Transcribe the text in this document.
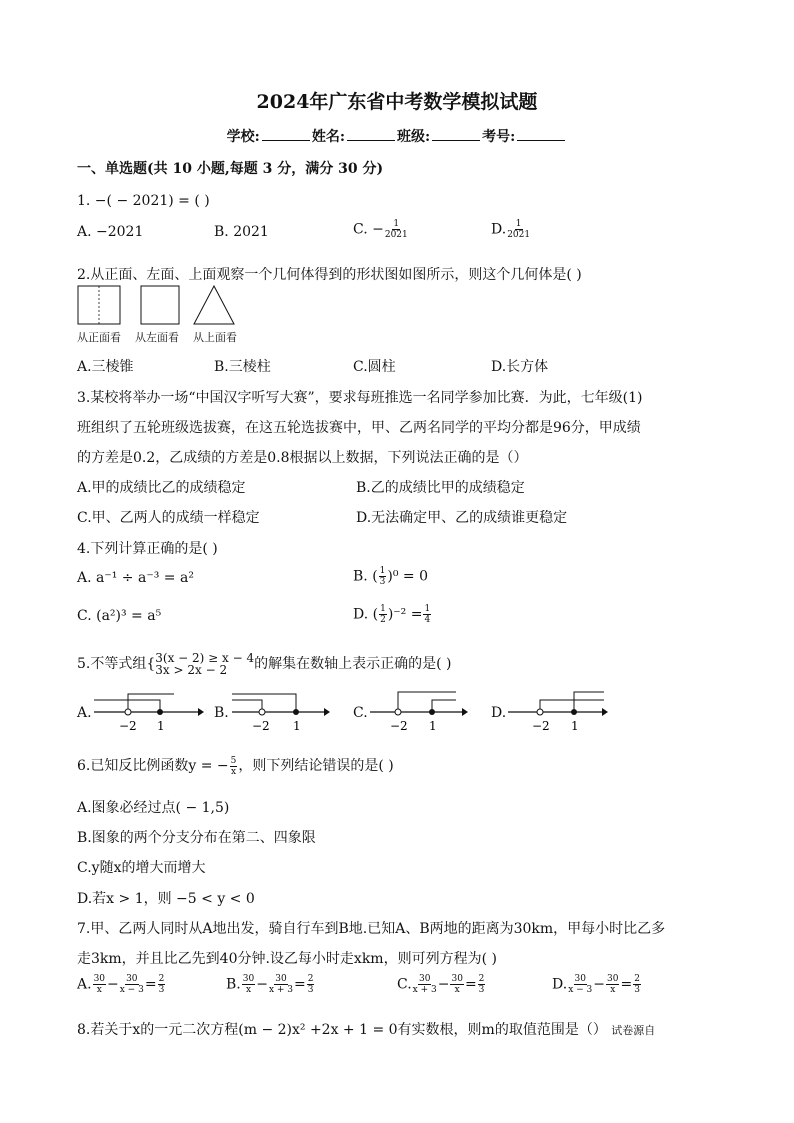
2024年广东省中考数学模拟试题
学校:	姓名:	班级:	考号:
一、单选题(共 10 小题,每题 3 分，满分 30 分)
1. −( − 2021) = ( )
A. −2021	B. 2021	C. − $\frac{1}{2021}$	D. $\frac{1}{2021}$
2.从正面、左面、上面观察一个几何体得到的形状图如图所示，则这个几何体是( )
从正面看 从左面看 从上面看
A.三棱锥	B.三棱柱	C.圆柱	D.长方体
3.某校将举办一场“中国汉字听写大赛”，要求每班推选一名同学参加比赛．为此，七年级(1)
班组织了五轮班级选拔赛，在这五轮选拔赛中，甲、乙两名同学的平均分都是96分，甲成绩
的方差是0.2，乙成绩的方差是0.8根据以上数据，下列说法正确的是（）
A.甲的成绩比乙的成绩稳定	B.乙的成绩比甲的成绩稳定
C.甲、乙两人的成绩一样稳定	D.无法确定甲、乙的成绩谁更稳定
4.下列计算正确的是( )
A. a⁻¹ ÷ a⁻³ = a²	B. ( $\frac{1}{3} )^0 = 0$
C. (a²)³ = a⁵	D. ( $\frac{1}{2} )^{-2} = \frac{1}{4}$
5.不等式组{ 3(x − 2) ≥ x − 4
3x > 2x − 2	的解集在数轴上表示正确的是( )
A.
−2 1
B.
−2 1
C.
−2 1
D.
−2 1
6.已知反比例函数y = − $\frac{5}{x}$ ，则下列结论错误的是( )
A.图象必经过点( − 1,5)
B.图象的两个分支分布在第二、四象限
C.y随x的增大而增大
D.若x > 1，则 −5 < y < 0
7.甲、乙两人同时从A地出发，骑自行车到B地.已知A、B两地的距离为30km，甲每小时比乙多
走3km，并且比乙先到40分钟.设乙每小时走xkm，则可列方程为( )
A. $\frac{30}{x} - \frac{30}{x - 3} = \frac{2}{3}$	B. $\frac{30}{x} - \frac{30}{x + 3} = \frac{2}{3}$	C. $\frac{30}{x + 3} - \frac{30}{x} = \frac{2}{3}$	D. $\frac{30}{x - 3} - \frac{30}{x} = \frac{2}{3}$
8.若关于x的一元二次方程(m − 2)x² +2x + 1 = 0有实数根，则m的取值范围是（） 试卷源自
